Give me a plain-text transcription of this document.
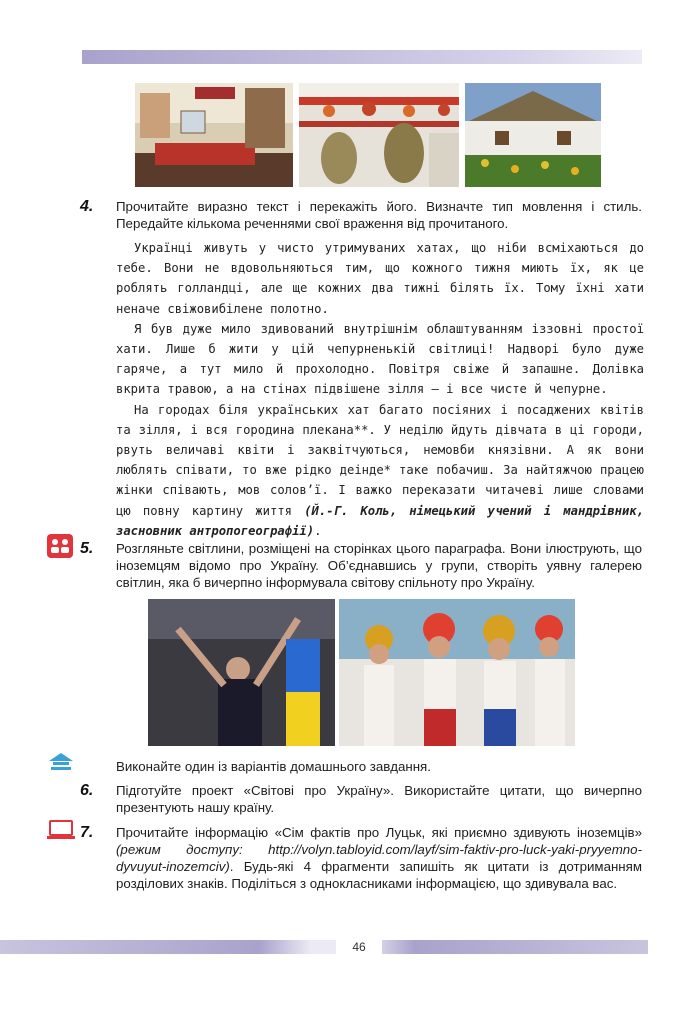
4. Прочитайте виразно текст і перекажіть його. Визначте тип мовлення і стиль. Передайте кількома реченнями свої враження від прочитаного.

Українці живуть у чисто утримуваних хатах, що ніби всміхаються до тебе. Вони не вдовольняються тим, що кожного тижня миють їх, як це роблять голландці, але ще кожних два тижні білять їх. Тому їхні хати неначе свіжовибілене полотно.

Я був дуже мило здивований внутрішнім облаштуванням іззовні простої хати. Лише б жити у цій чепурненькій світлиці! Надворі було дуже гаряче, а тут мило й прохолодно. Повітря свіже й запашне. Долівка вкрита травою, а на стінах підвішене зілля — і все чисте й чепурне.

На городах біля українських хат багато посіяних і посаджених квітів та зілля, і вся городина плекана**. У неділю йдуть дівчата в ці городи, рвуть величаві квіти і заквітчуються, немовби князівни. А як вони люблять співати, то вже рідко деінде* таке побачиш. За найтяжчою працею жінки співають, мов солов’ї. І важко переказати читачеві лише словами цю повну картину життя (Й.-Г. Коль, німецький учений і мандрівник, засновник антропогеографії).

5. Розгляньте світлини, розміщені на сторінках цього параграфа. Вони ілюструють, що іноземцям відомо про Україну. Об’єднавшись у групи, створіть уявну галерею світлин, яка б вичерпно інформувала світову спільноту про Україну.

Виконайте один із варіантів домашнього завдання.

6. Підготуйте проект «Світові про Україну». Використайте цитати, що вичерпно презентують нашу країну.

7. Прочитайте інформацію «Сім фактів про Луцьк, які приємно здивують іноземців» (режим доступу: http://volyn.tabloyid.com/layf/sim-faktiv-pro-luck-yaki-pryyemno-dyvuyut-inozemciv). Будь-які 4 фрагменти запишіть як цитати із дотриманням розділових знаків. Поділіться з однокласниками інформацією, що здивувала вас.

46
